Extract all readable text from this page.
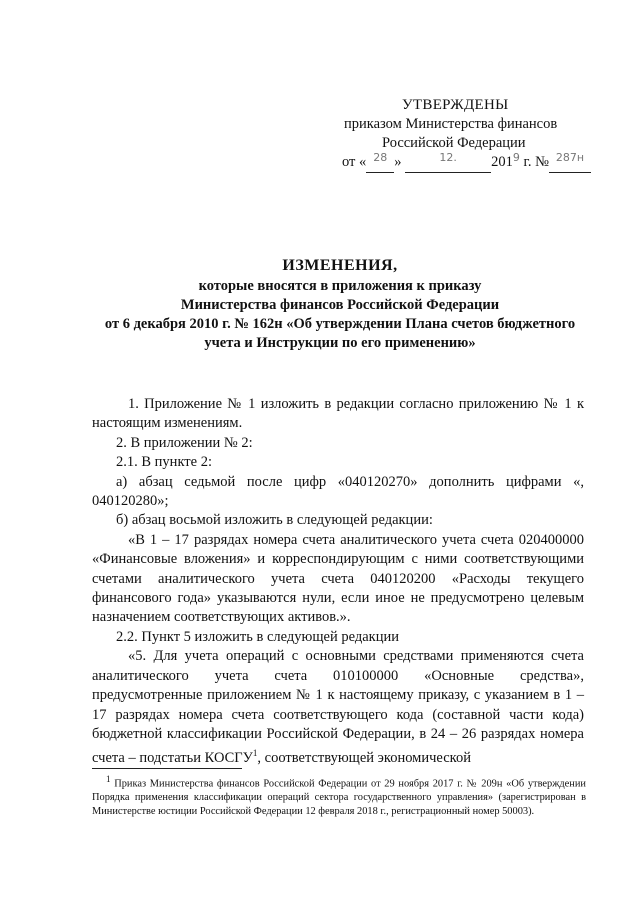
УТВЕРЖДЕНЫ
приказом Министерства финансов
Российской Федерации
от « $^{28}$ »	$^{12.}$ $201^9$ г. № $^{287н}$
ИЗМЕНЕНИЯ,
которые вносятся в приложения к приказу
Министерства финансов Российской Федерации
от 6 декабря 2010 г. № 162н «Об утверждении Плана счетов бюджетного
учета и Инструкции по его применению»

1. Приложение № 1 изложить в редакции согласно приложению № 1 к настоящим изменениям.

2. В приложении № 2:

2.1. В пункте 2:

а) абзац седьмой после цифр «040120270» дополнить цифрами «, 040120280»;

б) абзац восьмой изложить в следующей редакции:

«В 1 – 17 разрядах номера счета аналитического учета счета 020400000 «Финансовые вложения» и корреспондирующим с ними соответствующими счетами аналитического учета счета 040120200 «Расходы текущего финансового года» указываются нули, если иное не предусмотрено целевым назначением соответствующих активов.».

2.2. Пункт 5 изложить в следующей редакции

«5. Для учета операций с основными средствами применяются счета аналитического учета счета 010100000 «Основные средства», предусмотренные приложением № 1 к настоящему приказу, с указанием в 1 –17 разрядах номера счета соответствующего кода (составной части кода) бюджетной классификации Российской Федерации, в 24 – 26 разрядах номера счета – подстатьи КОСГУ$^1$, соответствующей экономической

$^1$ Приказ Министерства финансов Российской Федерации от 29 ноября 2017 г. № 209н «Об утверждении Порядка применения классификации операций сектора государственного управления» (зарегистрирован в Министерстве юстиции Российской Федерации 12 февраля 2018 г., регистрационный номер 50003).
